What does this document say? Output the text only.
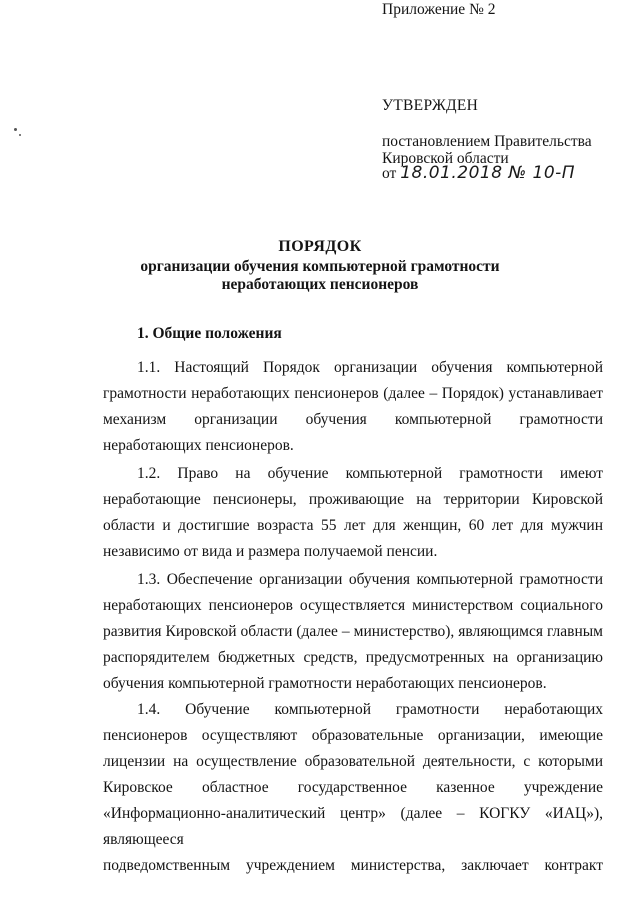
Приложение № 2
УТВЕРЖДЕН
постановлением Правительства
Кировской области
от 18.01.2018 № 10-П
ПОРЯДОК
организации обучения компьютерной грамотности
неработающих пенсионеров
1. Общие положения

1.1. Настоящий Порядок организации обучения компьютерной грамотности неработающих пенсионеров (далее – Порядок) устанавливает механизм организации обучения компьютерной грамотности неработающих пенсионеров.

1.2. Право на обучение компьютерной грамотности имеют неработающие пенсионеры, проживающие на территории Кировской области и достигшие возраста 55 лет для женщин, 60 лет для мужчин независимо от вида и размера получаемой пенсии.

1.3. Обеспечение организации обучения компьютерной грамотности неработающих пенсионеров осуществляется министерством социального развития Кировской области (далее – министерство), являющимся главным распорядителем бюджетных средств, предусмотренных на организацию обучения компьютерной грамотности неработающих пенсионеров.

1.4. Обучение компьютерной грамотности неработающих пенсионеров осуществляют образовательные организации, имеющие лицензии на осуществление образовательной деятельности, с которыми Кировское областное государственное казенное учреждение «Информационно-аналитический центр» (далее – КОГКУ «ИАЦ»), являющееся

подведомственным учреждением министерства, заключает контракт
